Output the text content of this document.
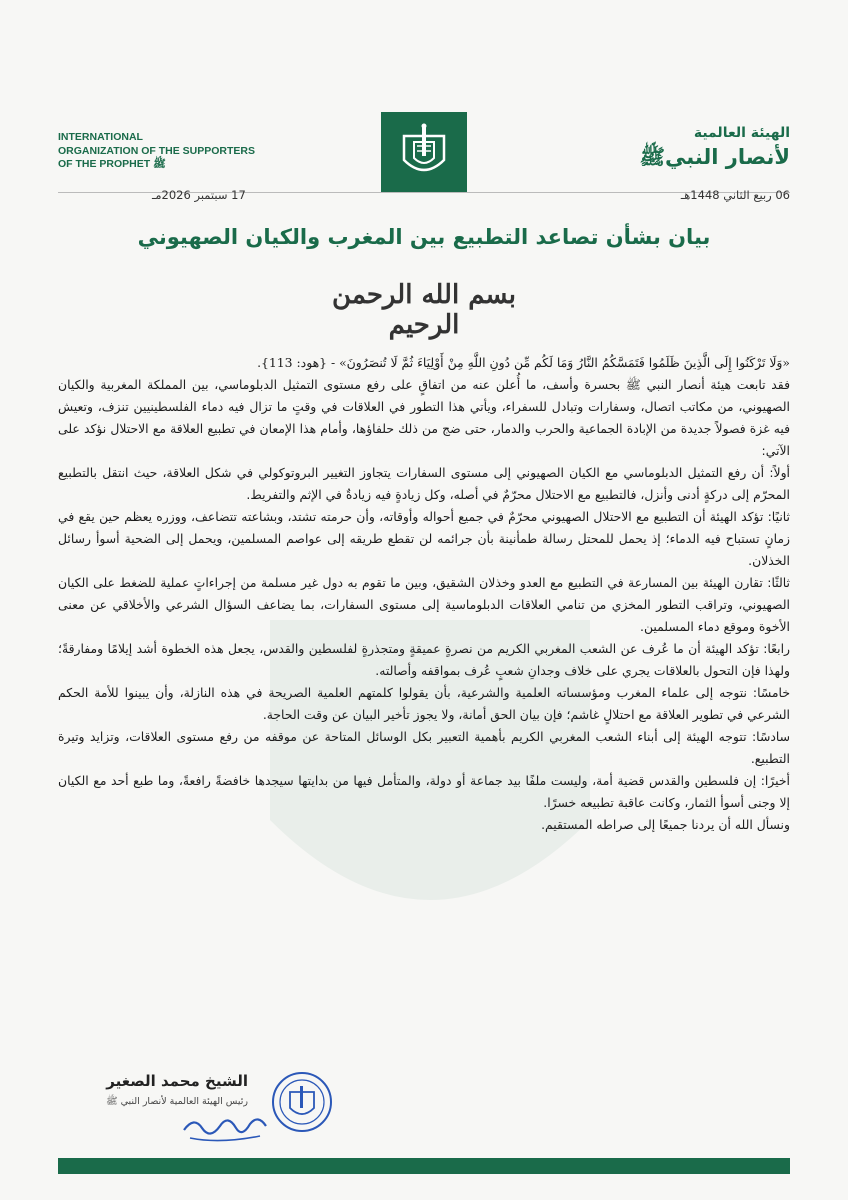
INTERNATIONAL
ORGANIZATION OF THE SUPPORTERS
OF THE PROPHET ﷺ
الهيئة العالمية
لأنصار النبيﷺ
06 ربيع الثاني 1448هـ
17 سبتمبر 2026مـ
بيان بشأن تصاعد التطبيع بين المغرب والكيان الصهيوني
بسم الله الرحمن الرحيم

«وَلَا تَرْكَنُوا إِلَى الَّذِينَ ظَلَمُوا فَتَمَسَّكُمُ النَّارُ وَمَا لَكُم مِّن دُونِ اللَّهِ مِنْ أَوْلِيَاءَ ثُمَّ لَا تُنصَرُونَ» - {هود: 113}.

فقد تابعت هيئة أنصار النبي ﷺ بحسرة وأسف، ما أُعلن عنه من اتفاقٍ على رفع مستوى التمثيل الدبلوماسي، بين المملكة المغربية والكيان الصهيوني، من مكاتب اتصال، وسفارات وتبادل للسفراء، ويأتي هذا التطور في العلاقات في وقتٍ ما تزال فيه دماء الفلسطينيين تنزف، وتعيش فيه غزة فصولاً جديدة من الإبادة الجماعية والحرب والدمار، حتى ضج من ذلك حلفاؤها، وأمام هذا الإمعان في تطبيع العلاقة مع الاحتلال نؤكد على الآتي:

أولاً: أن رفع التمثيل الدبلوماسي مع الكيان الصهيوني إلى مستوى السفارات يتجاوز التغيير البروتوكولي في شكل العلاقة، حيث انتقل بالتطبيع المحرّم إلى دركةٍ أدنى وأنزل، فالتطبيع مع الاحتلال محرّمٌ في أصله، وكل زيادةٍ فيه زيادةٌ في الإثم والتفريط.

ثانيًا: تؤكد الهيئة أن التطبيع مع الاحتلال الصهيوني محرّمٌ في جميع أحواله وأوقاته، وأن حرمته تشتد، وبشاعته تتضاعف، ووزره يعظم حين يقع في زمانٍ تستباح فيه الدماء؛ إذ يحمل للمحتل رسالة طمأنينة بأن جرائمه لن تقطع طريقه إلى عواصم المسلمين، ويحمل إلى الضحية أسوأ رسائل الخذلان.

ثالثًا: تقارن الهيئة بين المسارعة في التطبيع مع العدو وخذلان الشقيق، وبين ما تقوم به دول غير مسلمة من إجراءاتٍ عملية للضغط على الكيان الصهيوني، وتراقب التطور المخزي من تنامي العلاقات الدبلوماسية إلى مستوى السفارات، بما يضاعف السؤال الشرعي والأخلاقي عن معنى الأخوة وموقع دماء المسلمين.

رابعًا: تؤكد الهيئة أن ما عُرف عن الشعب المغربي الكريم من نصرةٍ عميقةٍ ومتجذرةٍ لفلسطين والقدس، يجعل هذه الخطوة أشد إيلامًا ومفارقةً؛ ولهذا فإن التحول بالعلاقات يجري على خلاف وجدانِ شعبٍ عُرف بمواقفه وأصالته.

خامسًا: نتوجه إلى علماء المغرب ومؤسساته العلمية والشرعية، بأن يقولوا كلمتهم العلمية الصريحة في هذه النازلة، وأن يبينوا للأمة الحكم الشرعي في تطوير العلاقة مع احتلالٍ غاشم؛ فإن بيان الحق أمانة، ولا يجوز تأخير البيان عن وقت الحاجة.

سادسًا: تتوجه الهيئة إلى أبناء الشعب المغربي الكريم بأهمية التعبير بكل الوسائل المتاحة عن موقفه من رفع مستوى العلاقات، وتزايد وتيرة التطبيع.

أخيرًا: إن فلسطين والقدس قضية أمة، وليست ملفًا بيد جماعة أو دولة، والمتأمل فيها من بدايتها سيجدها خافضةً رافعةً، وما طبع أحد مع الكيان إلا وجنى أسوأ الثمار، وكانت عاقبة تطبيعه خسرًا.

ونسأل الله أن يردنا جميعًا إلى صراطه المستقيم.

الشيخ محمد الصغير
رئيس الهيئة العالمية لأنصار النبي ﷺ
